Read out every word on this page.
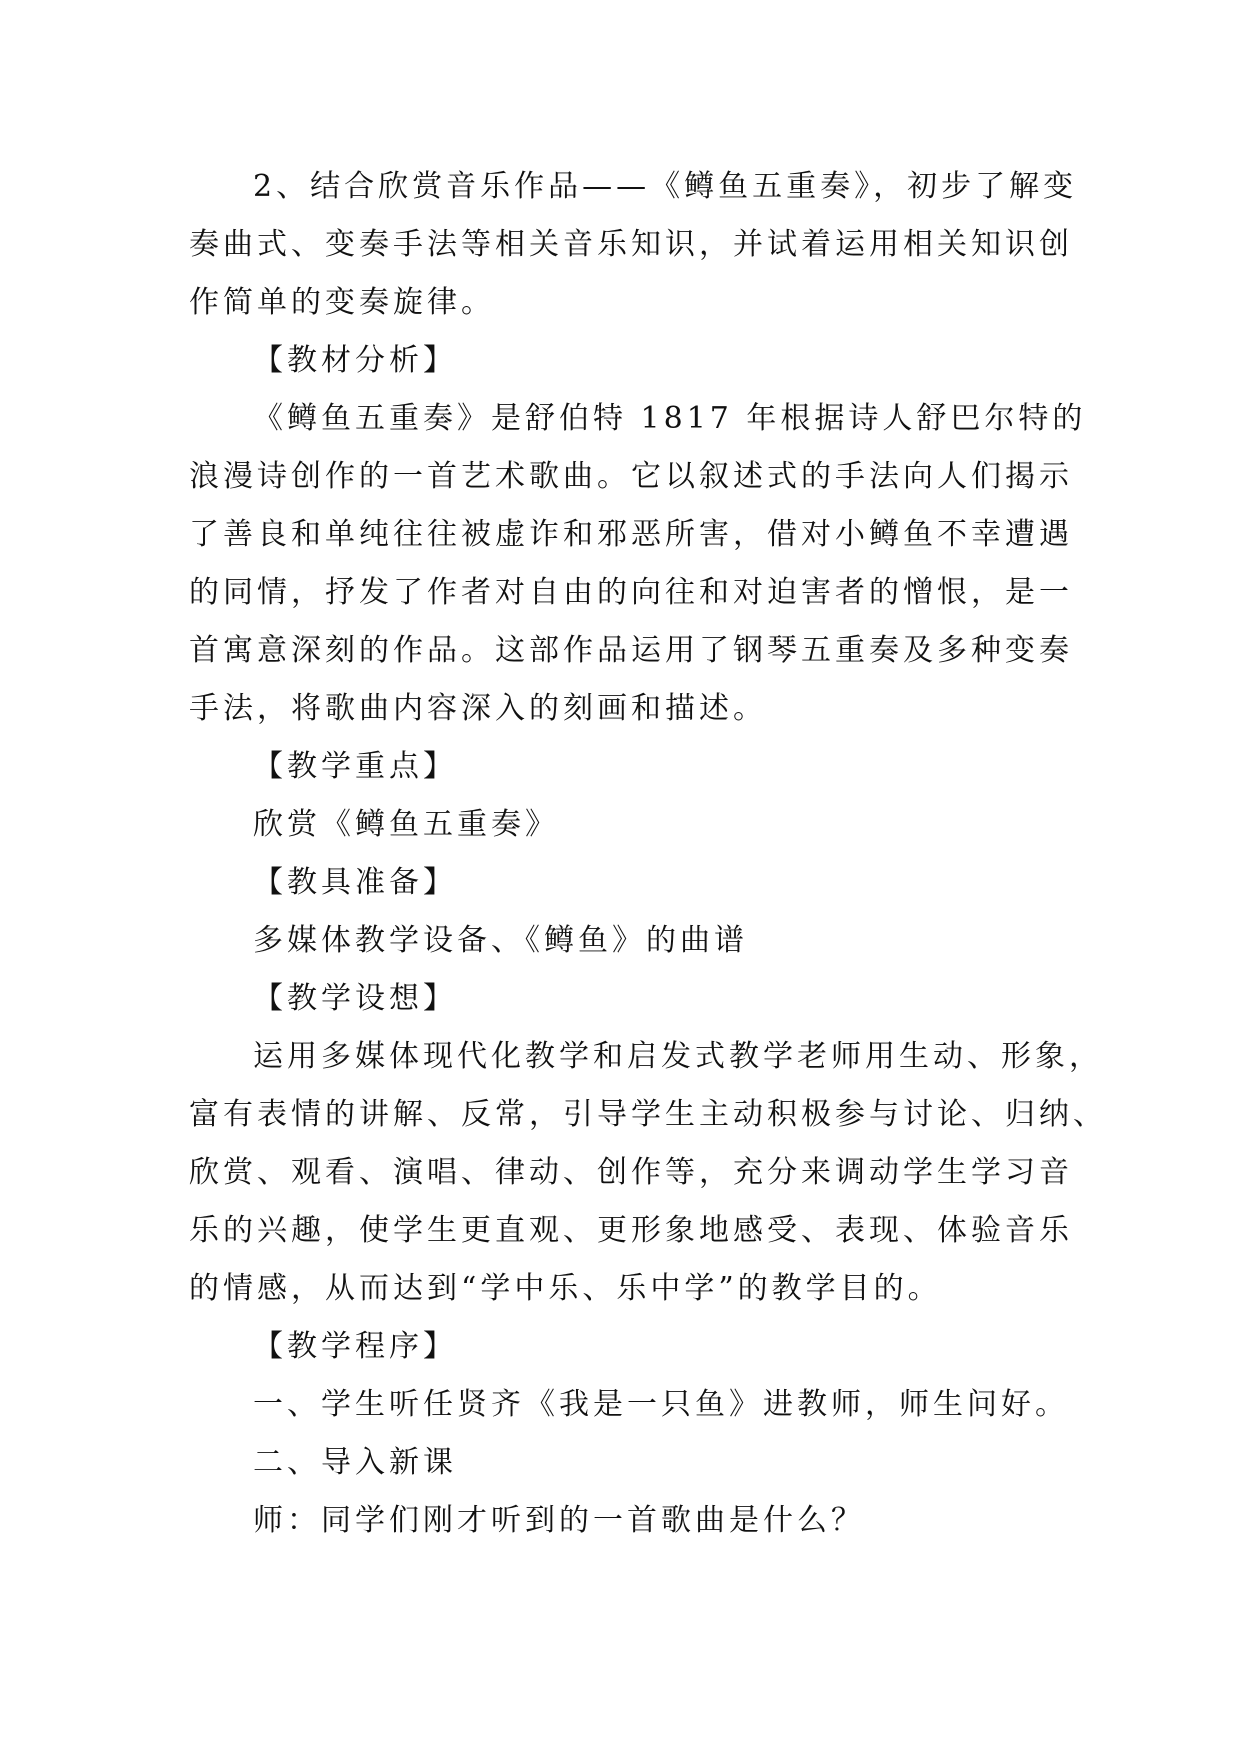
2、结合欣赏音乐作品——《鳟鱼五重奏》，初步了解变
奏曲式、变奏手法等相关音乐知识，并试着运用相关知识创
作简单的变奏旋律。
【教材分析】
《鳟鱼五重奏》是舒伯特 1817 年根据诗人舒巴尔特的
浪漫诗创作的一首艺术歌曲。它以叙述式的手法向人们揭示
了善良和单纯往往被虚诈和邪恶所害，借对小鳟鱼不幸遭遇
的同情，抒发了作者对自由的向往和对迫害者的憎恨，是一
首寓意深刻的作品。这部作品运用了钢琴五重奏及多种变奏
手法，将歌曲内容深入的刻画和描述。
【教学重点】
欣赏《鳟鱼五重奏》
【教具准备】
多媒体教学设备、《鳟鱼》的曲谱
【教学设想】
运用多媒体现代化教学和启发式教学老师用生动、形象，
富有表情的讲解、反常，引导学生主动积极参与讨论、归纳、
欣赏、观看、演唱、律动、创作等，充分来调动学生学习音
乐的兴趣，使学生更直观、更形象地感受、表现、体验音乐
的情感，从而达到“学中乐、乐中学”的教学目的。
【教学程序】
一、学生听任贤齐《我是一只鱼》进教师，师生问好。
二、导入新课
师：同学们刚才听到的一首歌曲是什么？
